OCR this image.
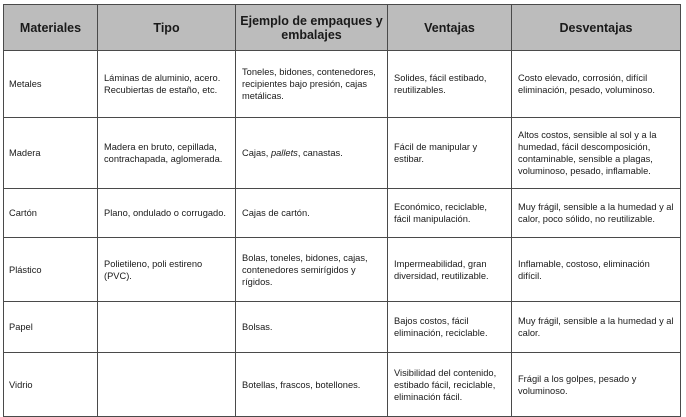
Materiales	Tipo	Ejemplo de empaques y embalajes	Ventajas	Desventajas
Metales	Láminas de aluminio, acero. Recubiertas de estaño, etc.	Toneles, bidones, contenedores, recipientes bajo presión, cajas metálicas.	Solides, fácil estibado, reutilizables.	Costo elevado, corrosión, difícil eliminación, pesado, voluminoso.
Madera	Madera en bruto, cepillada, contrachapada, aglomerada.	Cajas, pallets, canastas.	Fácil de manipular y estibar.	Altos costos, sensible al sol y a la humedad, fácil descomposición, contaminable, sensible a plagas, voluminoso, pesado, inflamable.
Cartón	Plano, ondulado o corrugado.	Cajas de cartón.	Económico, reciclable, fácil manipulación.	Muy frágil, sensible a la humedad y al calor, poco sólido, no reutilizable.
Plástico	Polietileno, poli estireno (PVC).	Bolas, toneles, bidones, cajas, contenedores semirígidos y rígidos.	Impermeabilidad, gran diversidad, reutilizable.	Inflamable, costoso, eliminación difícil.
Papel		Bolsas.	Bajos costos, fácil eliminación, reciclable.	Muy frágil, sensible a la humedad y al calor.
Vidrio		Botellas, frascos, botellones.	Visibilidad del contenido, estibado fácil, reciclable, eliminación fácil.	Frágil a los golpes, pesado y voluminoso.
